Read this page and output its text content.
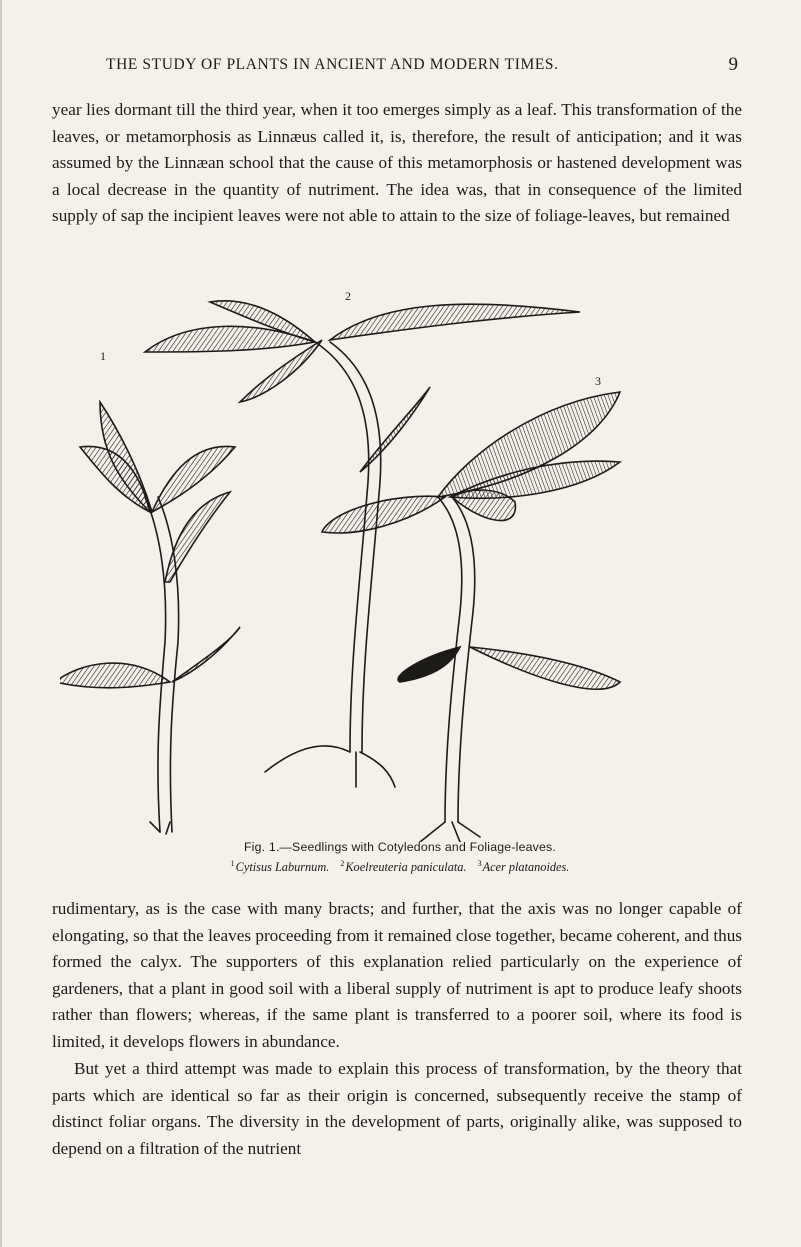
THE STUDY OF PLANTS IN ANCIENT AND MODERN TIMES.	9

year lies dormant till the third year, when it too emerges simply as a leaf. This transformation of the leaves, or metamorphosis as Linnæus called it, is, therefore, the result of anticipation; and it was assumed by the Linnæan school that the cause of this metamorphosis or hastened development was a local decrease in the quantity of nutriment. The idea was, that in consequence of the limited supply of sap the incipient leaves were not able to attain to the size of foliage-leaves, but remained

1
2
3
Fig. 1.—Seedlings with Cotyledons and Foliage-leaves.
$^1$Cytisus Laburnum. $^2$Koelreuteria paniculata. $^3$Acer platanoides.

rudimentary, as is the case with many bracts; and further, that the axis was no longer capable of elongating, so that the leaves proceeding from it remained close together, became coherent, and thus formed the calyx. The supporters of this explanation relied particularly on the experience of gardeners, that a plant in good soil with a liberal supply of nutriment is apt to produce leafy shoots rather than flowers; whereas, if the same plant is transferred to a poorer soil, where its food is limited, it develops flowers in abundance.

But yet a third attempt was made to explain this process of transformation, by the theory that parts which are identical so far as their origin is concerned, subsequently receive the stamp of distinct foliar organs. The diversity in the development of parts, originally alike, was supposed to depend on a filtration of the nutrient
